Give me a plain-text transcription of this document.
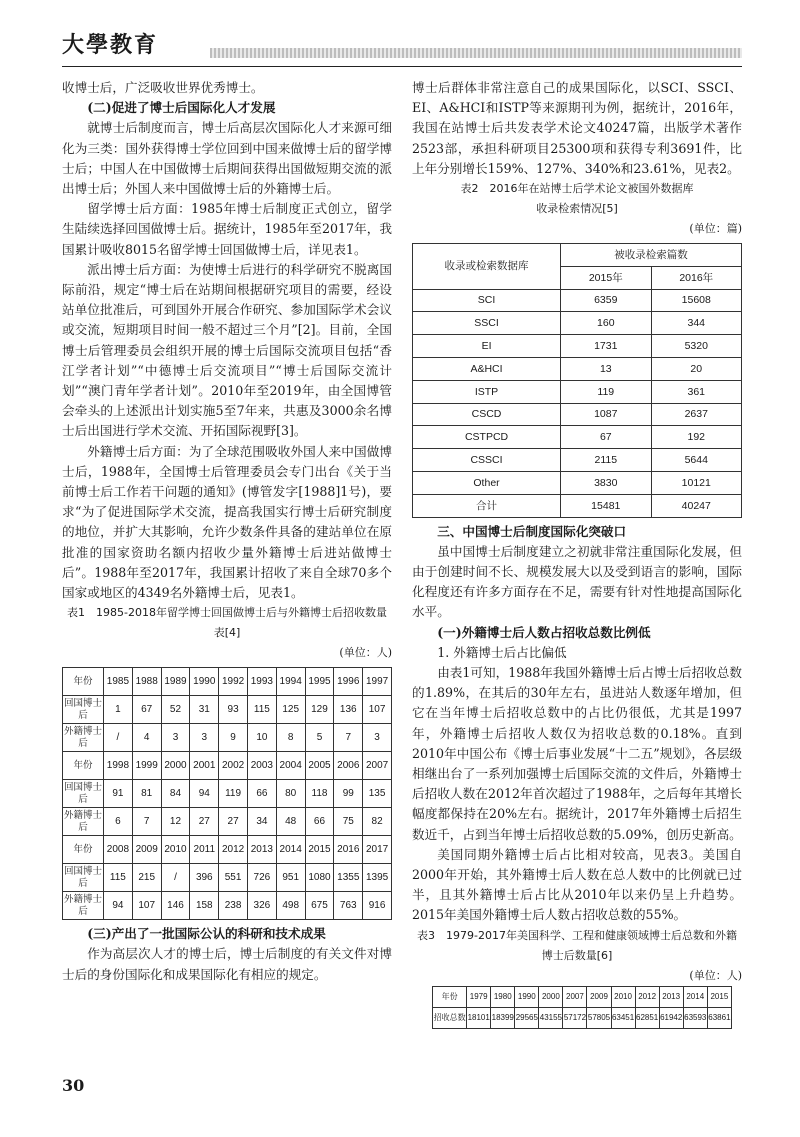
大學教育

收博士后，广泛吸收世界优秀博士。

(二)促进了博士后国际化人才发展

就博士后制度而言，博士后高层次国际化人才来源可细化为三类：国外获得博士学位回到中国来做博士后的留学博士后；中国人在中国做博士后期间获得出国做短期交流的派出博士后；外国人来中国做博士后的外籍博士后。

留学博士后方面：1985年博士后制度正式创立，留学生陆续选择回国做博士后。据统计，1985年至2017年，我国累计吸收8015名留学博士回国做博士后，详见表1。

派出博士后方面：为使博士后进行的科学研究不脱离国际前沿，规定“博士后在站期间根据研究项目的需要，经设站单位批准后，可到国外开展合作研究、参加国际学术会议或交流，短期项目时间一般不超过三个月”[2]。目前，全国博士后管理委员会组织开展的博士后国际交流项目包括“香江学者计划”“中德博士后交流项目”“博士后国际交流计划”“澳门青年学者计划”。2010年至2019年，由全国博管会牵头的上述派出计划实施5至7年来，共惠及3000余名博士后出国进行学术交流、开拓国际视野[3]。

外籍博士后方面：为了全球范围吸收外国人来中国做博士后，1988年，全国博士后管理委员会专门出台《关于当前博士后工作若干问题的通知》(博管发字[1988]1号)，要求“为了促进国际学术交流，提高我国实行博士后研究制度的地位，并扩大其影响，允许少数条件具备的建站单位在原批准的国家资助名额内招收少量外籍博士后进站做博士后”。1988年至2017年，我国累计招收了来自全球70多个国家或地区的4349名外籍博士后，见表1。

表1　1985-2018年留学博士回国做博士后与外籍博士后招收数量表[4]
(单位：人)
年份	1985	1988	1989	1990	1992	1993	1994	1995	1996	1997
回国博士后	1	67	52	31	93	115	125	129	136	107
外籍博士后	/	4	3	3	9	10	8	5	7	3
年份	1998	1999	2000	2001	2002	2003	2004	2005	2006	2007
回国博士后	91	81	84	94	119	66	80	118	99	135
外籍博士后	6	7	12	27	27	34	48	66	75	82
年份	2008	2009	2010	2011	2012	2013	2014	2015	2016	2017
回国博士后	115	215	/	396	551	726	951	1080	1355	1395
外籍博士后	94	107	146	158	238	326	498	675	763	916

(三)产出了一批国际公认的科研和技术成果

作为高层次人才的博士后，博士后制度的有关文件对博士后的身份国际化和成果国际化有相应的规定。

博士后群体非常注意自己的成果国际化，以SCI、SSCI、EI、A&HCI和ISTP等来源期刊为例，据统计，2016年，我国在站博士后共发表学术论文40247篇，出版学术著作2523部，承担科研项目25300项和获得专利3691件，比上年分别增长159%、127%、340%和23.61%，见表2。

表2　2016年在站博士后学术论文被国外数据库
收录检索情况[5]
(单位：篇)
收录或检索数据库	被收录检索篇数	
	2015年	2016年
SCI	6359	15608
SSCI	160	344
EI	1731	5320
A&HCI	13	20
ISTP	119	361
CSCD	1087	2637
CSTPCD	67	192
CSSCI	2115	5644
Other	3830	10121
合计	15481	40247

三、中国博士后制度国际化突破口

虽中国博士后制度建立之初就非常注重国际化发展，但由于创建时间不长、规模发展大以及受到语言的影响，国际化程度还有许多方面存在不足，需要有针对性地提高国际化水平。

(一)外籍博士后人数占招收总数比例低

1. 外籍博士后占比偏低

由表1可知，1988年我国外籍博士后占博士后招收总数的1.89%，在其后的30年左右，虽进站人数逐年增加，但它在当年博士后招收总数中的占比仍很低，尤其是1997年，外籍博士后招收人数仅为招收总数的0.18%。直到2010年中国公布《博士后事业发展“十二五”规划》，各层级相继出台了一系列加强博士后国际交流的文件后，外籍博士后招收人数在2012年首次超过了1988年，之后每年其增长幅度都保持在20%左右。据统计，2017年外籍博士后招生数近千，占到当年博士后招收总数的5.09%，创历史新高。

美国同期外籍博士后占比相对较高，见表3。美国自2000年开始，其外籍博士后人数在总人数中的比例就已过半，且其外籍博士后占比从2010年以来仍呈上升趋势。2015年美国外籍博士后人数占招收总数的55%。

表3　1979-2017年美国科学、工程和健康领域博士后总数和外籍博士后数量[6]
(单位：人)
年份	1979	1980	1990	2000	2007	2009	2010	2012	2013	2014	2015
招收总数	18101	18399	29565	43155	57172	57805	63451	62851	61942	63593	63861
30
